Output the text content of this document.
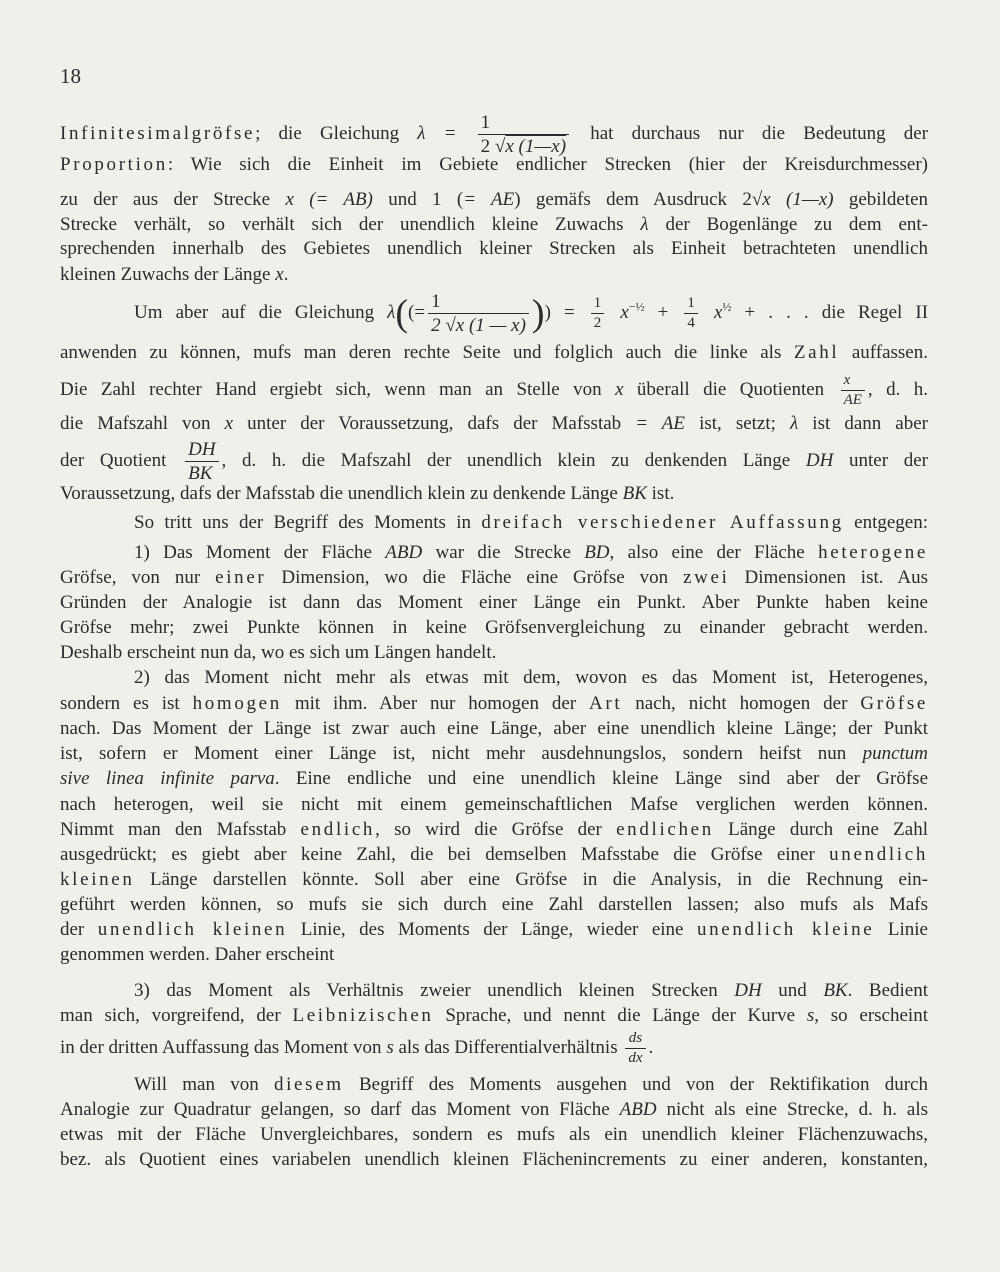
18
Infinitesimalgröfse; die Gleichung $\lambda = \frac{1}{2 √x (1—x)}$ hat durchaus nur die Bedeutung der
Proportion: Wie sich die Einheit im Gebiete endlicher Strecken (hier der Kreisdurchmesser)
zu der aus der Strecke x (= AB) und 1 (= AE) gemäfs dem Ausdruck 2√x (1—x) gebildeten
Strecke verhält, so verhält sich der unendlich kleine Zuwachs λ der Bogenlänge zu dem ent-
sprechenden innerhalb des Gebietes unendlich kleiner Strecken als Einheit betrachteten unendlich
kleinen Zuwachs der Länge x.
Um aber auf die Gleichung $\lambda((= \frac{1}{2 √x (1 — x)}$ )) = $\frac{1}{2} x^{-\frac{1}{2}} + \frac{1}{4} x^{\frac{1}{2}}$ + . . . die Regel II
anwenden zu können, mufs man deren rechte Seite und folglich auch die linke als Zahl auffassen.
Die Zahl rechter Hand ergiebt sich, wenn man an Stelle von x überall die Quotienten $\frac{x}{AE}$ , d. h.
die Mafszahl von x unter der Voraussetzung, dafs der Mafsstab = AE ist, setzt; λ ist dann aber
der Quotient $\frac{DH}{BK}$ , d. h. die Mafszahl der unendlich klein zu denkenden Länge DH unter der
Voraussetzung, dafs der Mafsstab die unendlich klein zu denkende Länge BK ist.
So tritt uns der Begriff des Moments in dreifach verschiedener Auffassung entgegen:
1) Das Moment der Fläche ABD war die Strecke BD, also eine der Fläche heterogene
Gröfse, von nur einer Dimension, wo die Fläche eine Gröfse von zwei Dimensionen ist. Aus
Gründen der Analogie ist dann das Moment einer Länge ein Punkt. Aber Punkte haben keine
Gröfse mehr; zwei Punkte können in keine Gröfsenvergleichung zu einander gebracht werden.
Deshalb erscheint nun da, wo es sich um Längen handelt.
2) das Moment nicht mehr als etwas mit dem, wovon es das Moment ist, Heterogenes,
sondern es ist homogen mit ihm. Aber nur homogen der Art nach, nicht homogen der Gröfse
nach. Das Moment der Länge ist zwar auch eine Länge, aber eine unendlich kleine Länge; der Punkt
ist, sofern er Moment einer Länge ist, nicht mehr ausdehnungslos, sondern heifst nun punctum
sive linea infinite parva. Eine endliche und eine unendlich kleine Länge sind aber der Gröfse
nach heterogen, weil sie nicht mit einem gemeinschaftlichen Mafse verglichen werden können.
Nimmt man den Mafsstab endlich, so wird die Gröfse der endlichen Länge durch eine Zahl
ausgedrückt; es giebt aber keine Zahl, die bei demselben Mafsstabe die Gröfse einer unendlich
kleinen Länge darstellen könnte. Soll aber eine Gröfse in die Analysis, in die Rechnung ein-
geführt werden können, so mufs sie sich durch eine Zahl darstellen lassen; also mufs als Mafs
der unendlich kleinen Linie, des Moments der Länge, wieder eine unendlich kleine Linie
genommen werden. Daher erscheint
3) das Moment als Verhältnis zweier unendlich kleinen Strecken DH und BK. Bedient
man sich, vorgreifend, der Leibnizischen Sprache, und nennt die Länge der Kurve s, so erscheint
in der dritten Auffassung das Moment von s als das Differentialverhältnis $\frac{ds}{dx}$ .
Will man von diesem Begriff des Moments ausgehen und von der Rektifikation durch
Analogie zur Quadratur gelangen, so darf das Moment von Fläche ABD nicht als eine Strecke, d. h. als
etwas mit der Fläche Unvergleichbares, sondern es mufs als ein unendlich kleiner Flächenzuwachs,
bez. als Quotient eines variabelen unendlich kleinen Flächenincrements zu einer anderen, konstanten,
